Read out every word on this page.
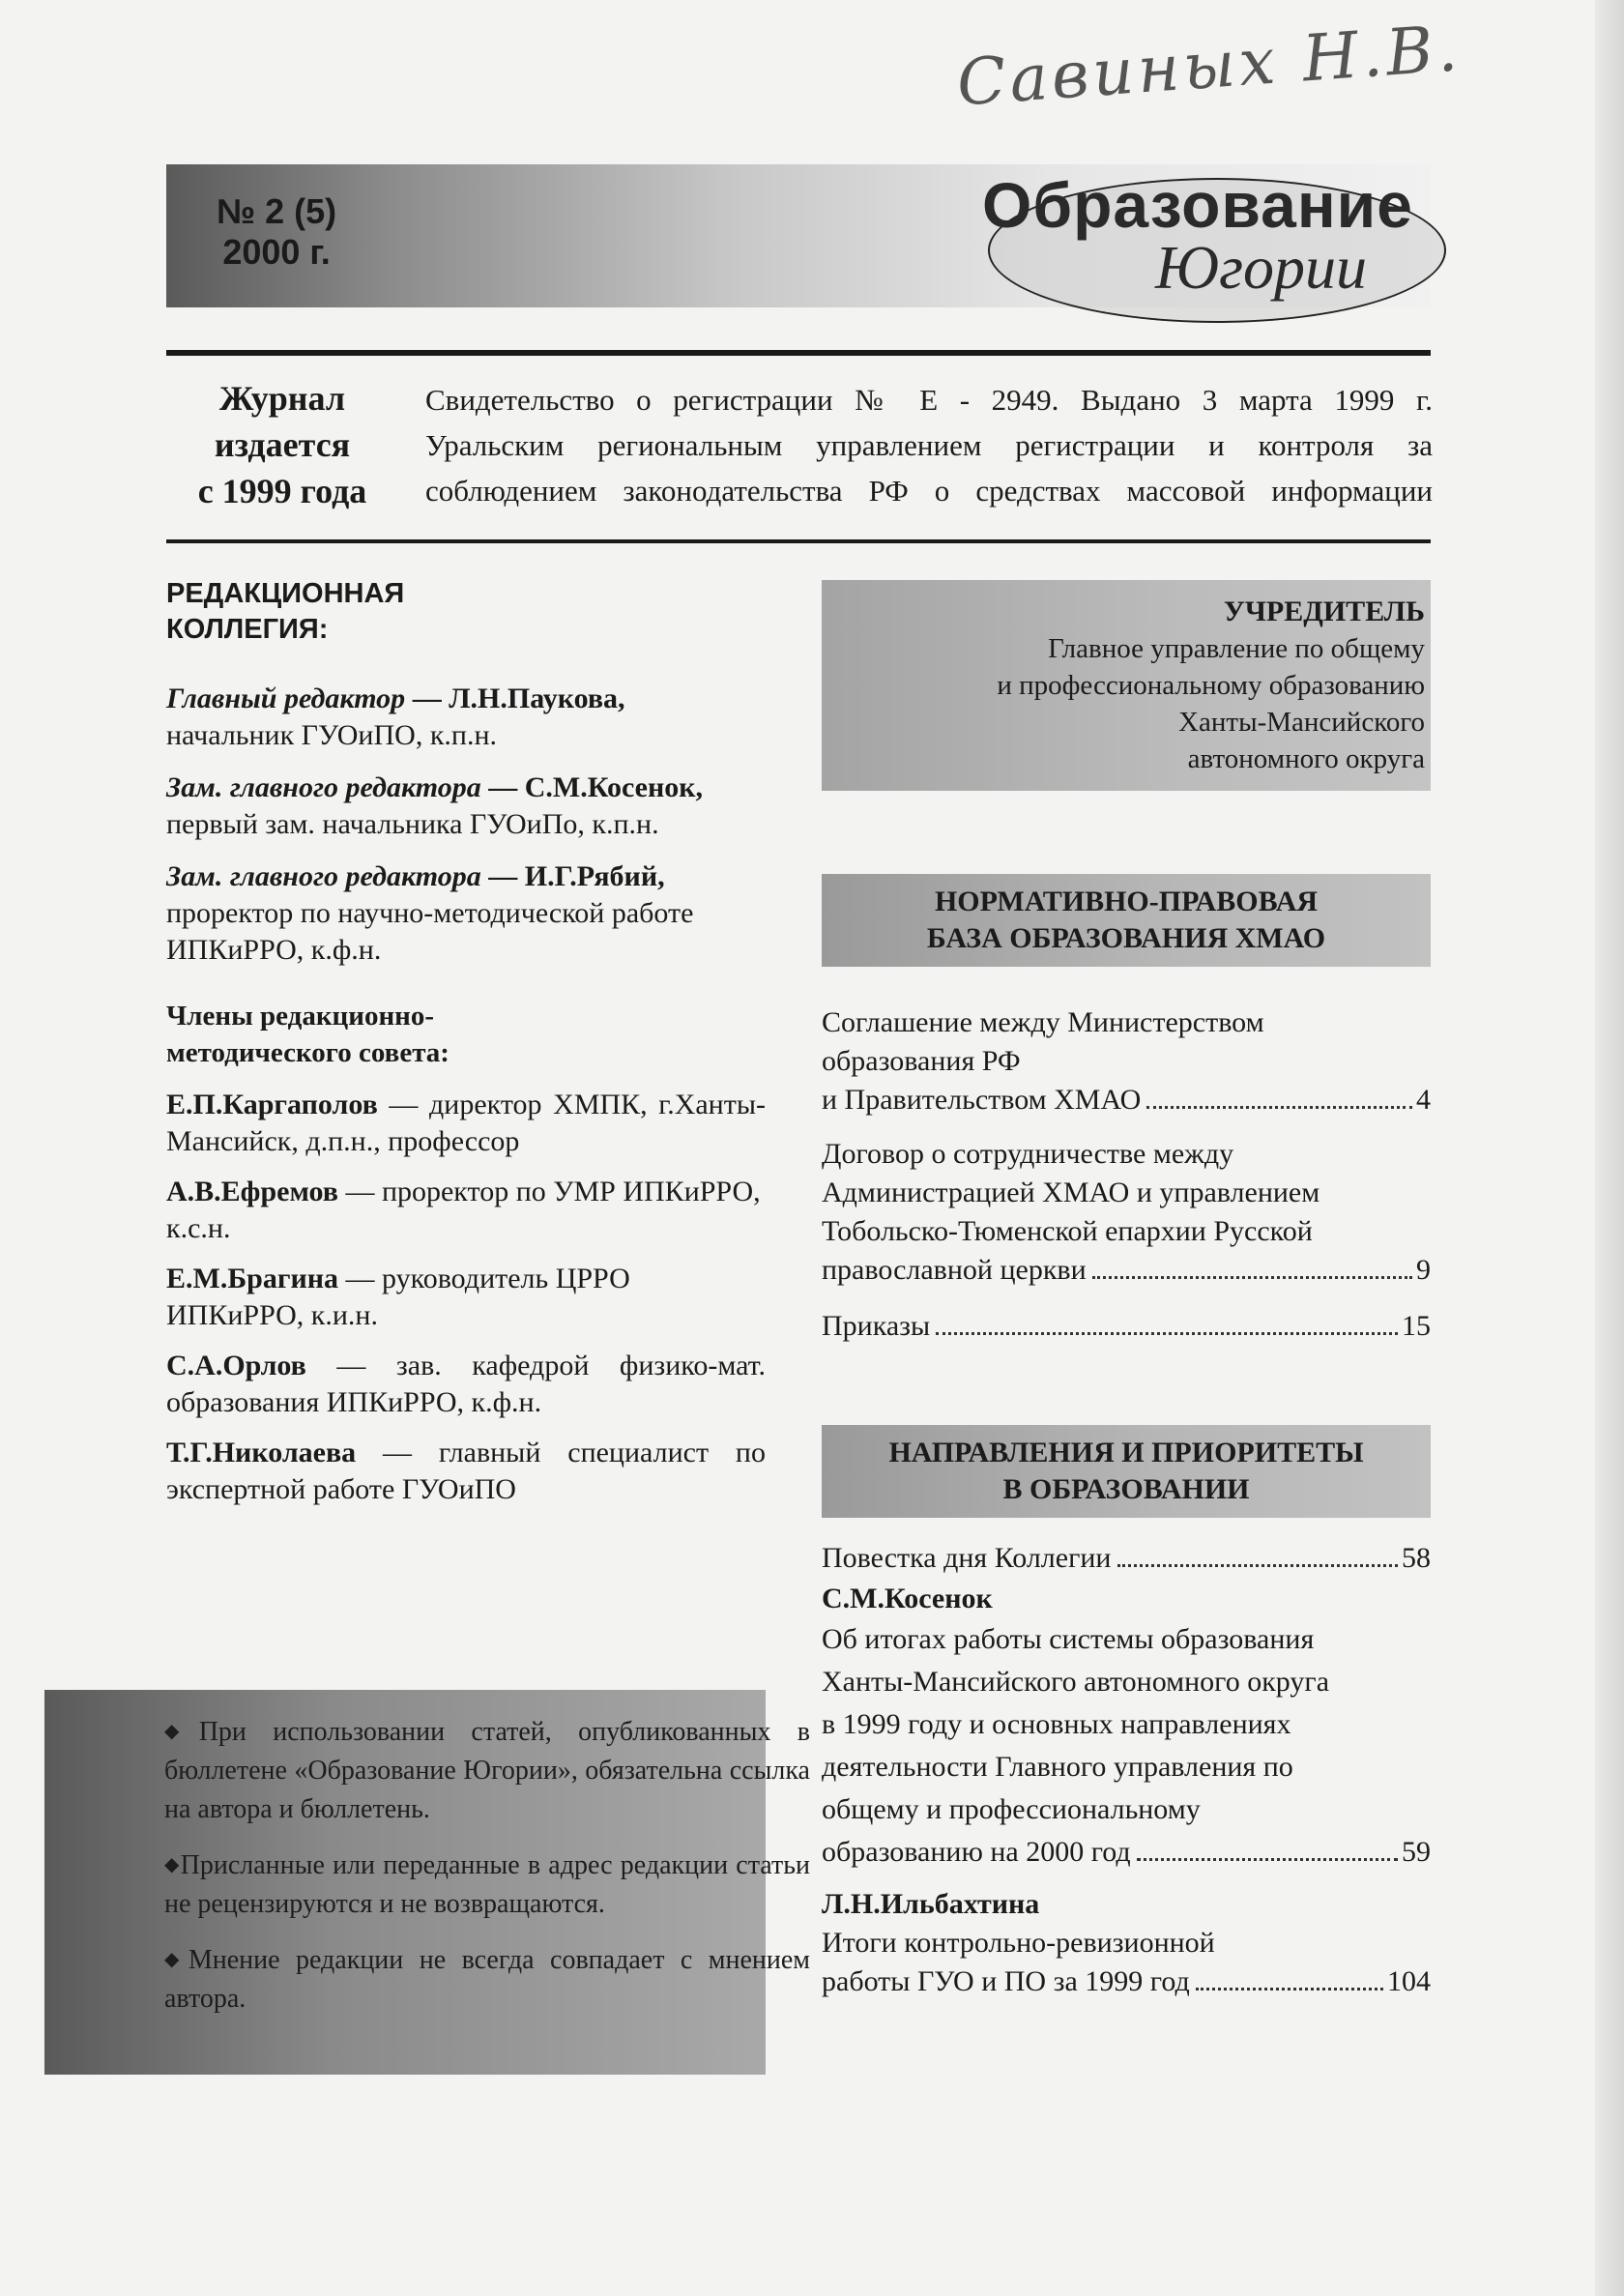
Савиных Н.В.
№ 2 (5)
2000 г.
Образование
Югории
Журнал
издается
с 1999 года
Свидетельство о регистрации № Е - 2949. Выдано 3 марта 1999 г.
Уральским региональным управлением регистрации и контроля за
соблюдением законодательства РФ о средствах массовой информации
РЕДАКЦИОННАЯ
КОЛЛЕГИЯ:
Главный редактор — Л.Н.Паукова,
начальник ГУОиПО, к.п.н.
Зам. главного редактора — С.М.Косенок,
первый зам. начальника ГУОиПо, к.п.н.
Зам. главного редактора — И.Г.Рябий,
проректор по научно-методической работе
ИПКиРРО, к.ф.н.
Члены редакционно-
методического совета:
Е.П.Каргаполов — директор ХМПК, г.Ханты-Мансийск, д.п.н., профессор
А.В.Ефремов — проректор по УМР ИПКиРРО, к.с.н.
Е.М.Брагина — руководитель ЦРРО ИПКиРРО, к.и.н.
С.А.Орлов — зав. кафедрой физико-мат. образования ИПКиРРО, к.ф.н.
Т.Г.Николаева — главный специалист по экспертной работе ГУОиПО

◆При использовании статей, опубликованных в бюллетене «Образование Югории», обязательна ссылка на автора и бюллетень.

◆Присланные или переданные в адрес редакции статьи не рецензируются и не возвращаются.

◆Мнение редакции не всегда совпадает с мнением автора.

УЧРЕДИТЕЛЬ
Главное управление по общему
и профессиональному образованию
Ханты-Мансийского
автономного округа
НОРМАТИВНО-ПРАВОВАЯ
БАЗА ОБРАЗОВАНИЯ ХМАО
Соглашение между Министерством
образования РФ
и Правительством ХМАО	4
Договор о сотрудничестве между
Администрацией ХМАО и управлением
Тобольско-Тюменской епархии Русской
православной церкви	9
Приказы	15
НАПРАВЛЕНИЯ И ПРИОРИТЕТЫ
В ОБРАЗОВАНИИ
Повестка дня Коллегии	58
С.М.Косенок
Об итогах работы системы образования
Ханты-Мансийского автономного округа
в 1999 году и основных направлениях
деятельности Главного управления по
общему и профессиональному
образованию на 2000 год	59
Л.Н.Ильбахтина
Итоги контрольно-ревизионной
работы ГУО и ПО за 1999 год	104
